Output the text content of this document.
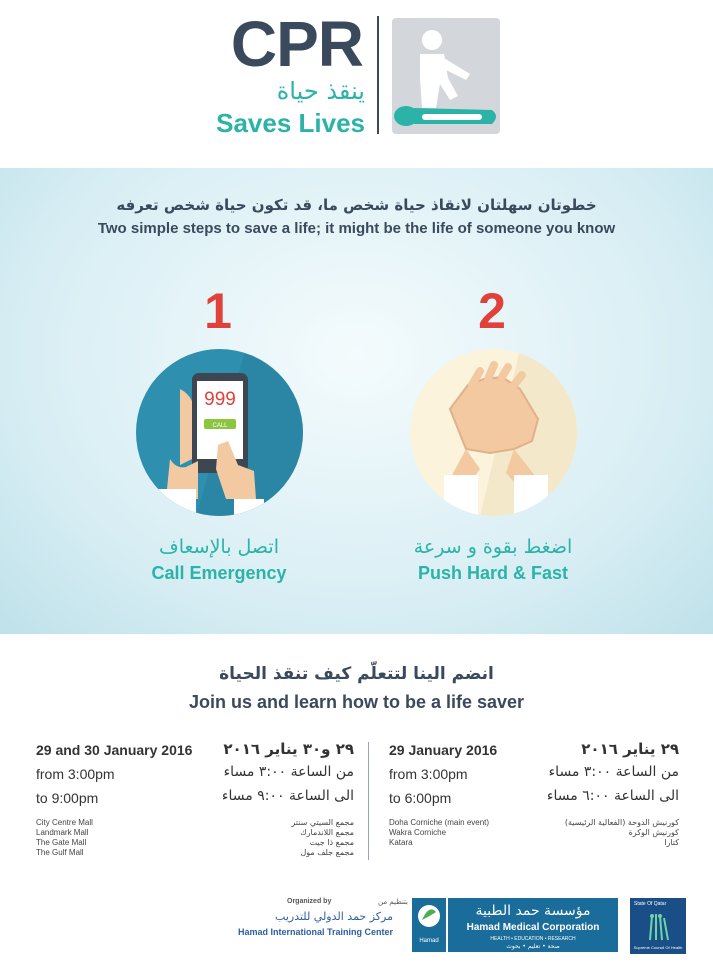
CPR
ينقذ حياة
Saves Lives
خطوتان سهلتان لانقاذ حياة شخص ما، قد تكون حياة شخص تعرفه
Two simple steps to save a life; it might be the life of someone you know
1	2
999
CALL
اتصل بالإسعاف
Call Emergency
اضغط بقوة و سرعة
Push Hard & Fast
انضم الينا لتتعلّم كيف تنقذ الحياة
Join us and learn how to be a life saver
29 and 30 January 2016 ٢٩ و٣٠ يناير ٢٠١٦
from 3:00pm	من الساعة ٣:٠٠ مساء
to 9:00pm	الى الساعة ٩:٠٠ مساء
City Centre Mall
Landmark Mall
The Gate Mall
The Gulf Mall
مجمع السيتي سنتر
مجمع اللاندمارك
مجمع ذا جيت
مجمع جلف مول
29 January 2016	٢٩ يناير ٢٠١٦
from 3:00pm	من الساعة ٣:٠٠ مساء
to 6:00pm	الى الساعة ٦:٠٠ مساء
Doha Corniche (main event)
Wakra Corniche
Katara
كورنيش الدوحة (الفعالية الرئيسية)
كورنيش الوكرة
كتارا
Organized by	بتنظيم من
مركز حمد الدولي للتدريب
Hamad International Training Center
Hamad
مؤسسة حمد الطبية
Hamad Medical Corporation
HEALTH • EDUCATION • RESEARCH
صحة • تعليم • بحوث
State Of Qatar
Supreme Council Of Health
